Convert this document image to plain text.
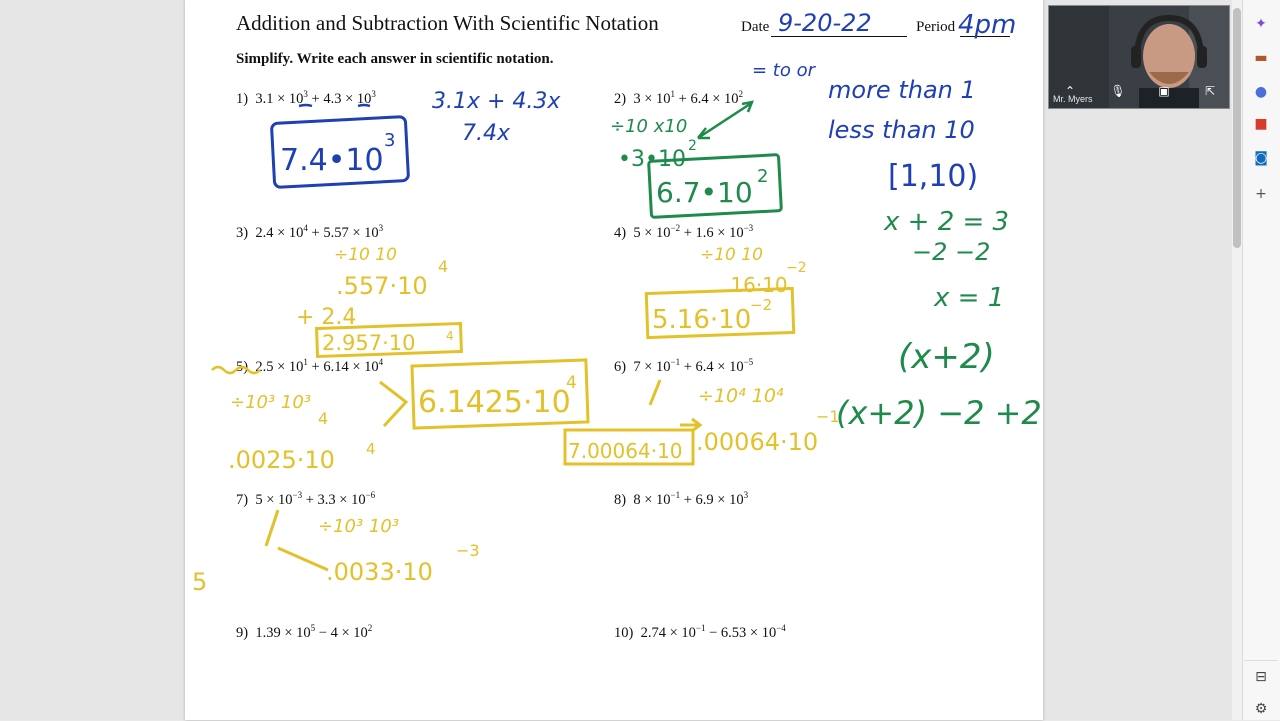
Addition and Subtraction With Scientific Notation	Date	Period
Simplify. Write each answer in scientific notation.
1) $3.1 \times 10^3 + 4.3 \times 10^3$	2) $3 \times 10^1 + 6.4 \times 10^2$
3) $2.4 \times 10^4 + 5.57 \times 10^3$	4) $5 \times 10^{-2} + 1.6 \times 10^{-3}$
5) $2.5 \times 10^1 + 6.14 \times 10^4$	6) $7 \times 10^{-1} + 6.4 \times 10^{-5}$
7) $5 \times 10^{-3} + 3.3 \times 10^{-6}$	8) $8 \times 10^{-1} + 6.9 \times 10^3$
9) $1.39 \times 10^5 - 4 \times 10^2$	10) $2.74 \times 10^{-1} - 6.53 \times 10^{-4}$
9-20-22	4pm
= to or
3.1x + 4.3x
7.4x
7.4•10
3
more than 1
less than 10
[1,10)
÷10 x10
•3•10
2
6.7•10 2
x + 2 = 3
−2 −2
x = 1
(x+2)
(x+2) −2 +2
÷10 10
.557·10
4
+ 2.4
2.957·10	4
÷10 10
.16·10
−2
5.16·10
−2
÷10³ 10³
4
.0025·10 4
6.1425·10
4
÷10⁴ 10⁴
7.00064·10 .00064·10
−1
÷10³ 10³
.0033·10
−3
5
⌃	🎙	▣	⇱
Mr. Myers
✦
▬
●
■
◙
+
⊟
⚙
